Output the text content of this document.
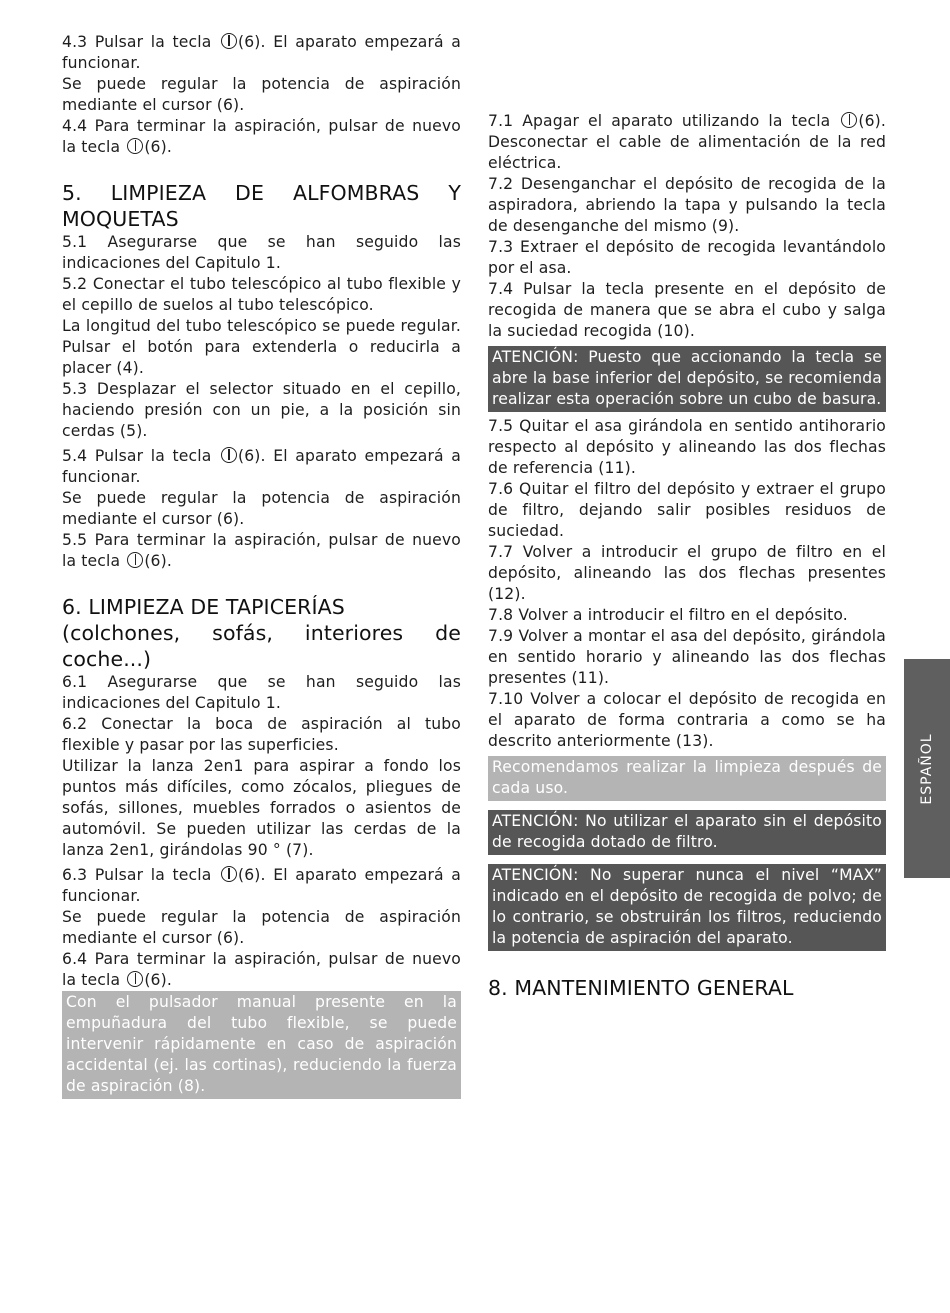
4.3 Pulsar la tecla (6). El aparato empezará a funcionar.

Se puede regular la potencia de aspiración mediante el cursor (6).

4.4 Para terminar la aspiración, pulsar de nuevo la tecla (6).

5. LIMPIEZA DE ALFOMBRAS Y MOQUETAS

5.1 Asegurarse que se han seguido las indicaciones del Capitulo 1.

5.2 Conectar el tubo telescópico al tubo flexible y el cepillo de suelos al tubo telescópico.

La longitud del tubo telescópico se puede regular. Pulsar el botón para extenderla o reducirla a placer (4).

5.3 Desplazar el selector situado en el cepillo, haciendo presión con un pie, a la posición sin cerdas (5).

5.4 Pulsar la tecla (6). El aparato empezará a funcionar.

Se puede regular la potencia de aspiración mediante el cursor (6).

5.5 Para terminar la aspiración, pulsar de nuevo la tecla (6).

6. LIMPIEZA DE TAPICERÍAS
(colchones, sofás, interiores de coche...)

6.1 Asegurarse que se han seguido las indicaciones del Capitulo 1.

6.2 Conectar la boca de aspiración al tubo flexible y pasar por las superficies.

Utilizar la lanza 2en1 para aspirar a fondo los puntos más difíciles, como zócalos, pliegues de sofás, sillones, muebles forrados o asientos de automóvil. Se pueden utilizar las cerdas de la lanza 2en1, girándolas 90 ° (7).

6.3 Pulsar la tecla (6). El aparato empezará a funcionar.

Se puede regular la potencia de aspiración mediante el cursor (6).

6.4 Para terminar la aspiración, pulsar de nuevo la tecla (6).

Con el pulsador manual presente en la empuñadura del tubo flexible, se puede intervenir rápidamente en caso de aspiración accidental (ej. las cortinas), reduciendo la fuerza de aspiración (8).

7.1 Apagar el aparato utilizando la tecla (6). Desconectar el cable de alimentación de la red eléctrica.

7.2 Desenganchar el depósito de recogida de la aspiradora, abriendo la tapa y pulsando la tecla de desenganche del mismo (9).

7.3 Extraer el depósito de recogida levantándolo por el asa.

7.4 Pulsar la tecla presente en el depósito de recogida de manera que se abra el cubo y salga la suciedad recogida (10).

ATENCIÓN: Puesto que accionando la tecla se abre la base inferior del depósito, se recomienda realizar esta operación sobre un cubo de basura.

7.5 Quitar el asa girándola en sentido antihorario respecto al depósito y alineando las dos flechas de referencia (11).

7.6 Quitar el filtro del depósito y extraer el grupo de filtro, dejando salir posibles residuos de suciedad.

7.7 Volver a introducir el grupo de filtro en el depósito, alineando las dos flechas presentes (12).

7.8 Volver a introducir el filtro en el depósito.

7.9 Volver a montar el asa del depósito, girándola en sentido horario y alineando las dos flechas presentes (11).

7.10 Volver a colocar el depósito de recogida en el aparato de forma contraria a como se ha descrito anteriormente (13).

Recomendamos realizar la limpieza después de cada uso.

ATENCIÓN: No utilizar el aparato sin el depósito de recogida dotado de filtro.

ATENCIÓN: No superar nunca el nivel “MAX” indicado en el depósito de recogida de polvo; de lo contrario, se obstruirán los filtros, reduciendo la potencia de aspiración del aparato.

8. MANTENIMIENTO GENERAL
ESPAÑOL
